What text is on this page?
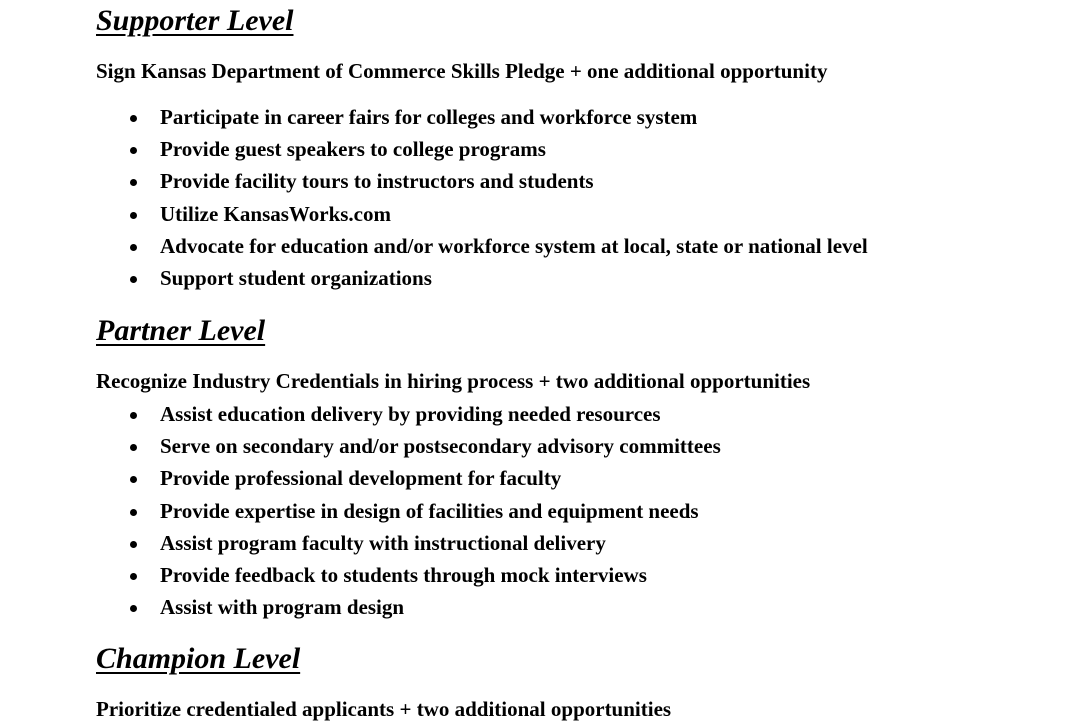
Supporter Level

Sign Kansas Department of Commerce Skills Pledge + one additional opportunity

Participate in career fairs for colleges and workforce system
Provide guest speakers to college programs
Provide facility tours to instructors and students
Utilize KansasWorks.com
Advocate for education and/or workforce system at local, state or national level
Support student organizations
Partner Level

Recognize Industry Credentials in hiring process + two additional opportunities

Assist education delivery by providing needed resources
Serve on secondary and/or postsecondary advisory committees
Provide professional development for faculty
Provide expertise in design of facilities and equipment needs
Assist program faculty with instructional delivery
Provide feedback to students through mock interviews
Assist with program design
Champion Level

Prioritize credentialed applicants + two additional opportunities
